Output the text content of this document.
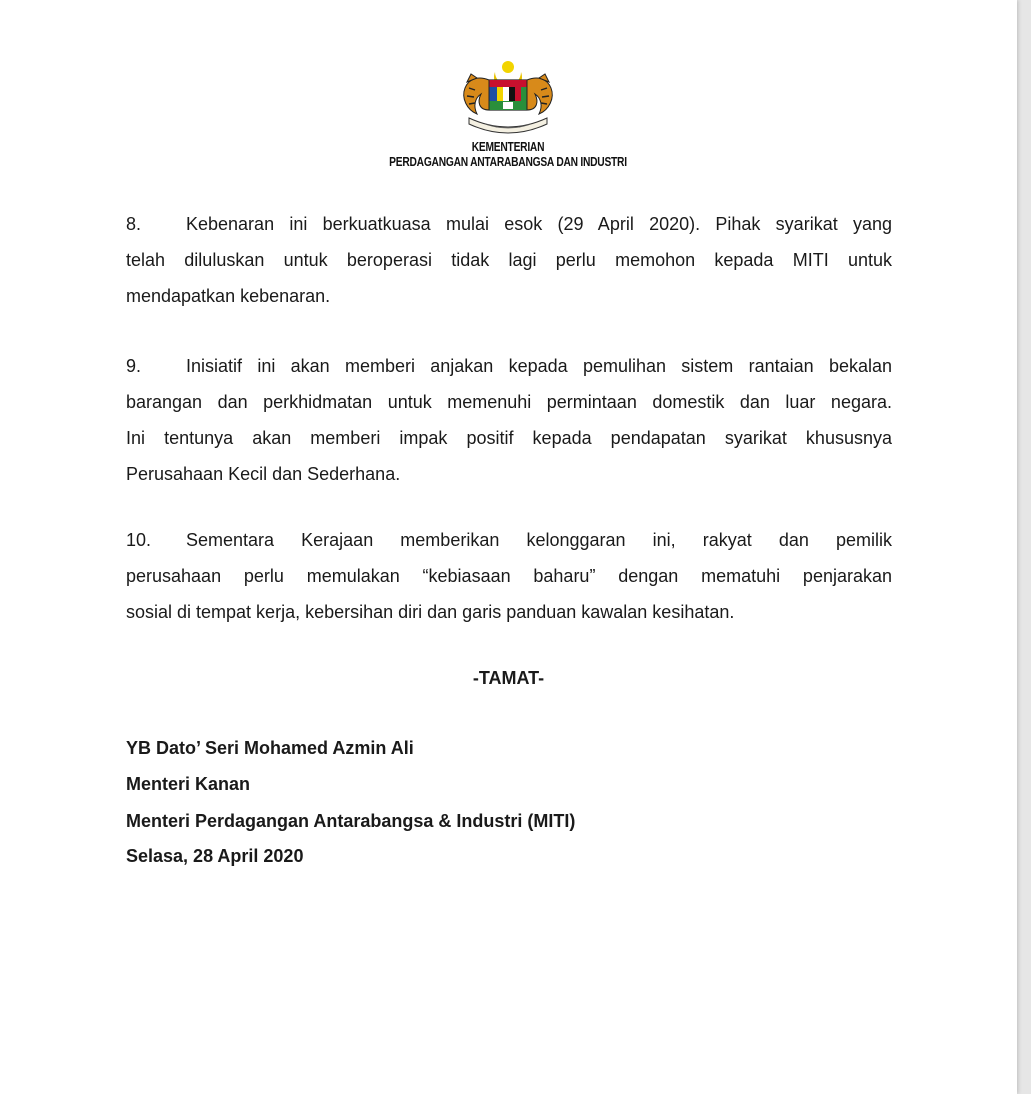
KEMENTERIAN
PERDAGANGAN ANTARABANGSA DAN INDUSTRI
8. Kebenaran ini berkuatkuasa mulai esok (29 April 2020). Pihak syarikat yang
telah diluluskan untuk beroperasi tidak lagi perlu memohon kepada MITI untuk
mendapatkan kebenaran.
9. Inisiatif ini akan memberi anjakan kepada pemulihan sistem rantaian bekalan
barangan dan perkhidmatan untuk memenuhi permintaan domestik dan luar negara.
Ini tentunya akan memberi impak positif kepada pendapatan syarikat khususnya
Perusahaan Kecil dan Sederhana.
10. Sementara Kerajaan memberikan kelonggaran ini, rakyat dan pemilik
perusahaan perlu memulakan “kebiasaan baharu” dengan mematuhi penjarakan
sosial di tempat kerja, kebersihan diri dan garis panduan kawalan kesihatan.
-TAMAT-
YB Dato’ Seri Mohamed Azmin Ali
Menteri Kanan
Menteri Perdagangan Antarabangsa & Industri (MITI)
Selasa, 28 April 2020
